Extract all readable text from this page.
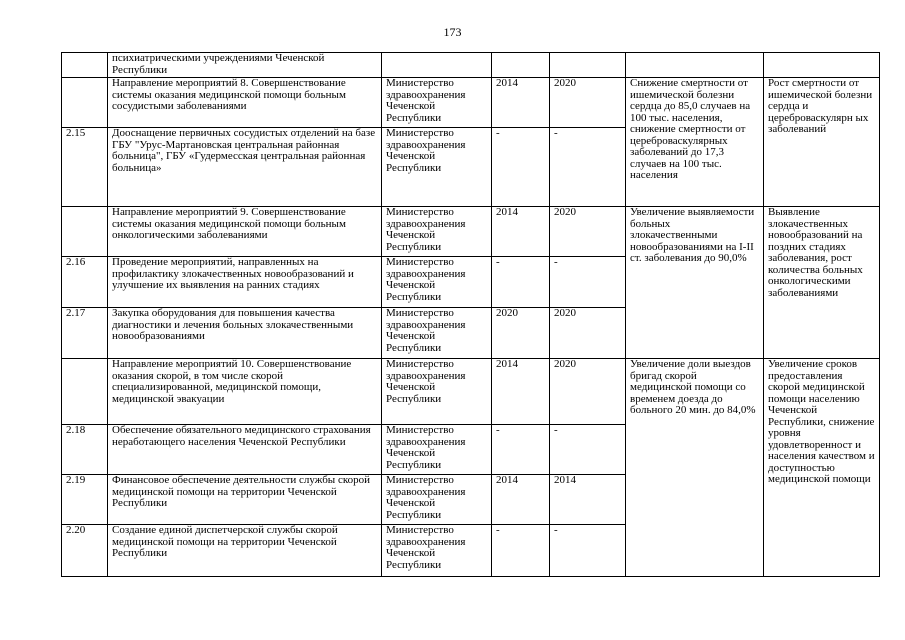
173
	психиатрическими учреждениями Чеченской Республики					
	Направление мероприятий 8. Совершенствование системы оказания медицинской помощи больным сосудистыми заболеваниями	Министерство здравоохранения Чеченской Республики	2014	2020	Снижение смертности от ишемической болезни сердца до 85,0 случаев на 100 тыс. населения, снижение смертности от цереброваскулярных заболеваний до 17,3 случаев на 100 тыс. населения	Рост смертности от ишемической болезни сердца и цереброваскулярн ых заболеваний
2.15	Дооснащение первичных сосудистых отделений на базе ГБУ "Урус-Мартановская центральная районная больница", ГБУ «Гудермесская центральная районная больница»	Министерство здравоохранения Чеченской Республики	-	-		
	Направление мероприятий 9. Совершенствование системы оказания медицинской помощи больным онкологическими заболеваниями	Министерство здравоохранения Чеченской Республики	2014	2020	Увеличение выявляемости больных злокачественными новообразованиями на I-II ст. заболевания до 90,0%	Выявление злокачественных новообразований на поздних стадиях заболевания, рост количества больных онкологическими заболеваниями
2.16	Проведение мероприятий, направленных на профилактику злокачественных новообразований и улучшение их выявления на ранних стадиях	Министерство здравоохранения Чеченской Республики	-	-		
2.17	Закупка оборудования для повышения качества диагностики и лечения больных злокачественными новообразованиями	Министерство здравоохранения Чеченской Республики	2020	2020		
	Направление мероприятий 10. Совершенствование оказания скорой, в том числе скорой специализированной, медицинской помощи, медицинской эвакуации	Министерство здравоохранения Чеченской Республики	2014	2020	Увеличение доли выездов бригад скорой медицинской помощи со временем доезда до больного 20 мин. до 84,0%	Увеличение сроков предоставления скорой медицинской помощи населению Чеченской Республики, снижение уровня удовлетворенност и населения качеством и доступностью медицинской помощи
2.18	Обеспечение обязательного медицинского страхования неработающего населения Чеченской Республики	Министерство здравоохранения Чеченской Республики	-	-		
2.19	Финансовое обеспечение деятельности службы скорой медицинской помощи на территории Чеченской Республики	Министерство здравоохранения Чеченской Республики	2014	2014		
2.20	Создание единой диспетчерской службы скорой медицинской помощи на территории Чеченской Республики	Министерство здравоохранения Чеченской Республики	-	-		
